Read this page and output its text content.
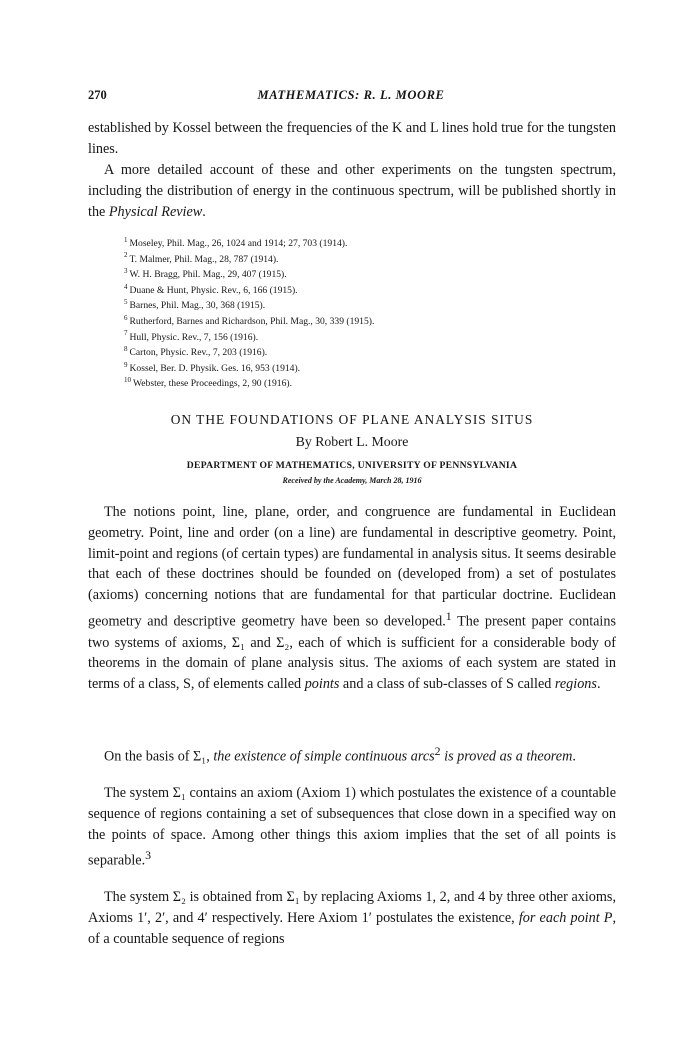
270	MATHEMATICS: R. L. MOORE

established by Kossel between the frequencies of the K and L lines hold true for the tungsten lines.

A more detailed account of these and other experiments on the tungsten spectrum, including the distribution of energy in the continuous spectrum, will be published shortly in the Physical Review.

$^1$ Moseley, Phil. Mag., 26, 1024 and 1914; 27, 703 (1914).
$^2$ T. Malmer, Phil. Mag., 28, 787 (1914).
$^3$ W. H. Bragg, Phil. Mag., 29, 407 (1915).
$^4$ Duane & Hunt, Physic. Rev., 6, 166 (1915).
$^5$ Barnes, Phil. Mag., 30, 368 (1915).
$^6$ Rutherford, Barnes and Richardson, Phil. Mag., 30, 339 (1915).
$^7$ Hull, Physic. Rev., 7, 156 (1916).
$^8$ Carton, Physic. Rev., 7, 203 (1916).
$^9$ Kossel, Ber. D. Physik. Ges. 16, 953 (1914).
$^{10}$ Webster, these Proceedings, 2, 90 (1916).
ON THE FOUNDATIONS OF PLANE ANALYSIS SITUS
By Robert L. Moore
DEPARTMENT OF MATHEMATICS, UNIVERSITY OF PENNSYLVANIA
Received by the Academy, March 28, 1916

The notions point, line, plane, order, and congruence are fundamental in Euclidean geometry. Point, line and order (on a line) are fundamental in descriptive geometry. Point, limit-point and regions (of certain types) are fundamental in analysis situs. It seems desirable that each of these doctrines should be founded on (developed from) a set of postulates (axioms) concerning notions that are fundamental for that particular doctrine. Euclidean geometry and descriptive geometry have been so developed.$^1$ The present paper contains two systems of axioms, Σ₁ and Σ₂, each of which is sufficient for a considerable body of theorems in the domain of plane analysis situs. The axioms of each system are stated in terms of a class, S, of elements called points and a class of sub-classes of S called regions.

On the basis of Σ₁, the existence of simple continuous arcs$^2$ is proved as a theorem.

The system Σ₁ contains an axiom (Axiom 1) which postulates the existence of a countable sequence of regions containing a set of subsequences that close down in a specified way on the points of space. Among other things this axiom implies that the set of all points is separable.$^3$

The system Σ₂ is obtained from Σ₁ by replacing Axioms 1, 2, and 4 by three other axioms, Axioms 1′, 2′, and 4′ respectively. Here Axiom 1′ postulates the existence, for each point P, of a countable sequence of regions
